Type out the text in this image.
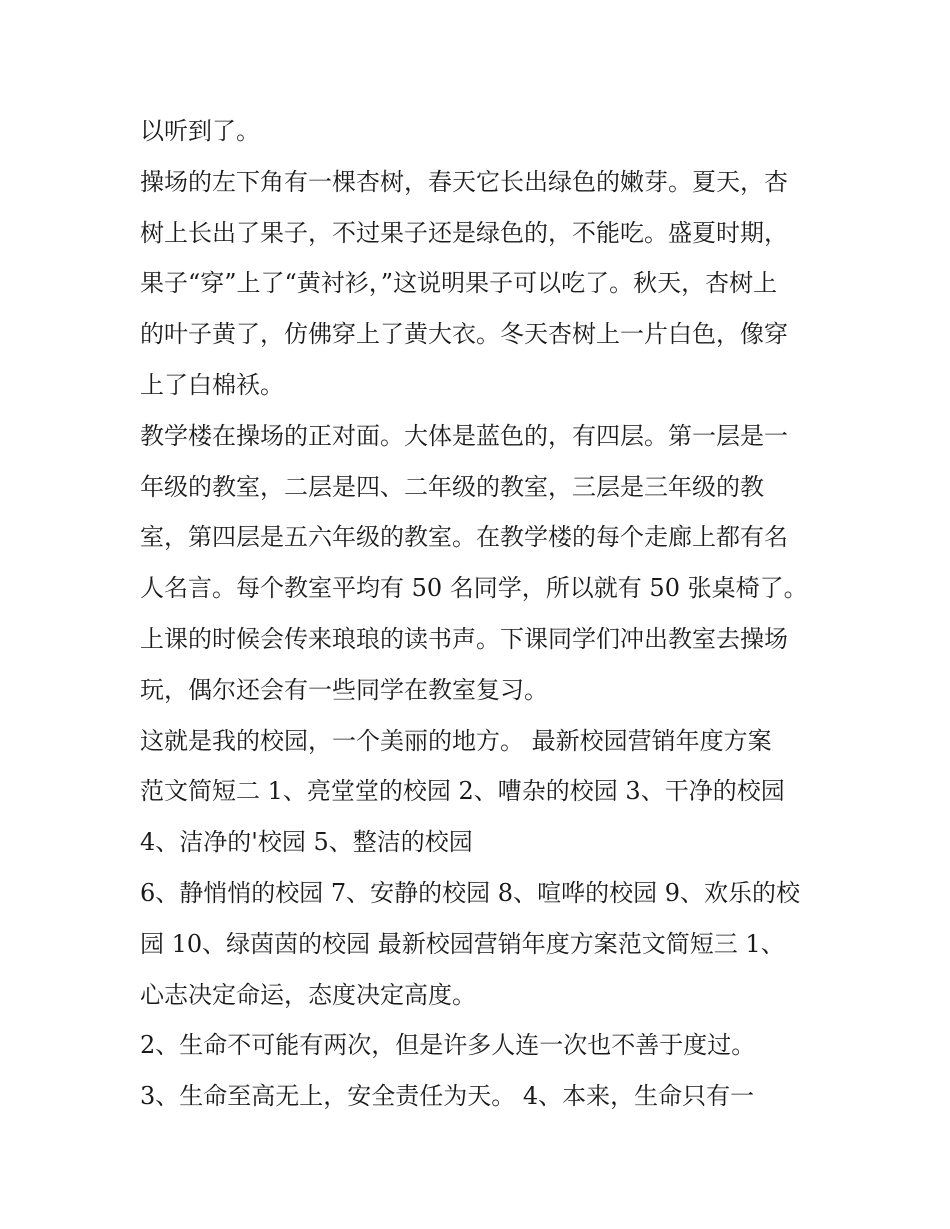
以听到了。
操场的左下角有一棵杏树，春天它长出绿色的嫩芽。夏天，杏
树上长出了果子，不过果子还是绿色的，不能吃。盛夏时期，
果子“穿”上了“黄衬衫，”这说明果子可以吃了。秋天，杏树上
的叶子黄了，仿佛穿上了黄大衣。冬天杏树上一片白色，像穿
上了白棉袄。
教学楼在操场的正对面。大体是蓝色的，有四层。第一层是一
年级的教室，二层是四、二年级的教室，三层是三年级的教
室，第四层是五六年级的教室。在教学楼的每个走廊上都有名
人名言。每个教室平均有 50 名同学，所以就有 50 张桌椅了。
上课的时候会传来琅琅的读书声。下课同学们冲出教室去操场
玩，偶尔还会有一些同学在教室复习。
这就是我的校园，一个美丽的地方。 最新校园营销年度方案
范文简短二 1、亮堂堂的校园 2、嘈杂的校园 3、干净的校园
4、洁净的'校园 5、整洁的校园
6、静悄悄的校园 7、安静的校园 8、喧哗的校园 9、欢乐的校
园 10、绿茵茵的校园 最新校园营销年度方案范文简短三 1、
心志决定命运，态度决定高度。
2、生命不可能有两次，但是许多人连一次也不善于度过。
3、生命至高无上，安全责任为天。 4、本来，生命只有一
